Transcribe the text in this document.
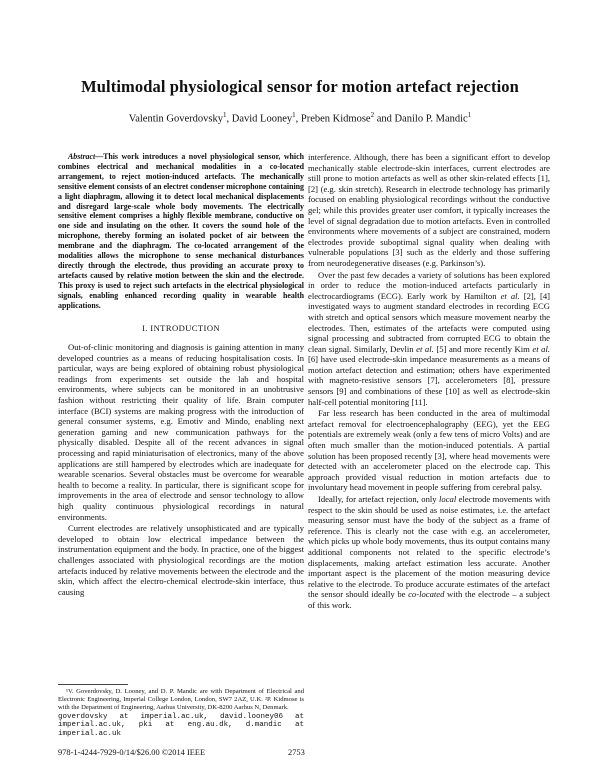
Multimodal physiological sensor for motion artefact rejection
Valentin Goverdovsky$^1$, David Looney$^1$, Preben Kidmose$^2$ and Danilo P. Mandic$^1$

Abstract—This work introduces a novel physiological sensor, which combines electrical and mechanical modalities in a co-located arrangement, to reject motion-induced artefacts. The mechanically sensitive element consists of an electret condenser microphone containing a light diaphragm, allowing it to detect local mechanical displacements and disregard large-scale whole body movements. The electrically sensitive element comprises a highly flexible membrane, conductive on one side and insulating on the other. It covers the sound hole of the microphone, thereby forming an isolated pocket of air between the membrane and the diaphragm. The co-located arrangement of the modalities allows the microphone to sense mechanical disturbances directly through the electrode, thus providing an accurate proxy to artefacts caused by relative motion between the skin and the electrode. This proxy is used to reject such artefacts in the electrical physiological signals, enabling enhanced recording quality in wearable health applications.

I. INTRODUCTION

Out-of-clinic monitoring and diagnosis is gaining attention in many developed countries as a means of reducing hospitalisation costs. In particular, ways are being explored of obtaining robust physiological readings from experiments set outside the lab and hospital environments, where subjects can be monitored in an unobtrusive fashion without restricting their quality of life. Brain computer interface (BCI) systems are making progress with the introduction of general consumer systems, e.g. Emotiv and Mindo, enabling next generation gaming and new communication pathways for the physically disabled. Despite all of the recent advances in signal processing and rapid miniaturisation of electronics, many of the above applications are still hampered by electrodes which are inadequate for wearable scenarios. Several obstacles must be overcome for wearable health to become a reality. In particular, there is significant scope for improvements in the area of electrode and sensor technology to allow high quality continuous physiological recordings in natural environments.

Current electrodes are relatively unsophisticated and are typically developed to obtain low electrical impedance between the instrumentation equipment and the body. In practice, one of the biggest challenges associated with physiological recordings are the motion artefacts induced by relative movements between the electrode and the skin, which affect the electro-chemical electrode-skin interface, thus causing

¹V. Goverdovsky, D. Looney, and D. P. Mandic are with Department of Electrical and Electronic Engineering, Imperial College London, London, SW7 2AZ, U.K. ²P. Kidmose is with the Department of Engineering, Aarhus University, DK-8200 Aarhus N, Denmark.
goverdovsky at imperial.ac.uk, david.looney06 at imperial.ac.uk, pki at eng.au.dk, d.mandic at imperial.ac.uk

interference. Although, there has been a significant effort to develop mechanically stable electrode-skin interfaces, current electrodes are still prone to motion artefacts as well as other skin-related effects [1], [2] (e.g. skin stretch). Research in electrode technology has primarily focused on enabling physiological recordings without the conductive gel; while this provides greater user comfort, it typically increases the level of signal degradation due to motion artefacts. Even in controlled environments where movements of a subject are constrained, modern electrodes provide suboptimal signal quality when dealing with vulnerable populations [3] such as the elderly and those suffering from neurodegenerative diseases (e.g. Parkinson’s).

Over the past few decades a variety of solutions has been explored in order to reduce the motion-induced artefacts particularly in electrocardiograms (ECG). Early work by Hamilton et al. [2], [4] investigated ways to augment standard electrodes in recording ECG with stretch and optical sensors which measure movement nearby the electrodes. Then, estimates of the artefacts were computed using signal processing and subtracted from corrupted ECG to obtain the clean signal. Similarly, Devlin et al. [5] and more recently Kim et al. [6] have used electrode-skin impedance measurements as a means of motion artefact detection and estimation; others have experimented with magneto-resistive sensors [7], accelerometers [8], pressure sensors [9] and combinations of these [10] as well as electrode-skin half-cell potential monitoring [11].

Far less research has been conducted in the area of multimodal artefact removal for electroencephalography (EEG), yet the EEG potentials are extremely weak (only a few tens of micro Volts) and are often much smaller than the motion-induced potentials. A partial solution has been proposed recently [3], where head movements were detected with an accelerometer placed on the electrode cap. This approach provided visual reduction in motion artefacts due to involuntary head movement in people suffering from cerebral palsy.

Ideally, for artefact rejection, only local electrode movements with respect to the skin should be used as noise estimates, i.e. the artefact measuring sensor must have the body of the subject as a frame of reference. This is clearly not the case with e.g. an accelerometer, which picks up whole body movements, thus its output contains many additional components not related to the specific electrode’s displacements, making artefact estimation less accurate. Another important aspect is the placement of the motion measuring device relative to the electrode. To produce accurate estimates of the artefact the sensor should ideally be co-located with the electrode – a subject of this work.

978-1-4244-7929-0/14/$26.00 ©2014 IEEE	2753
